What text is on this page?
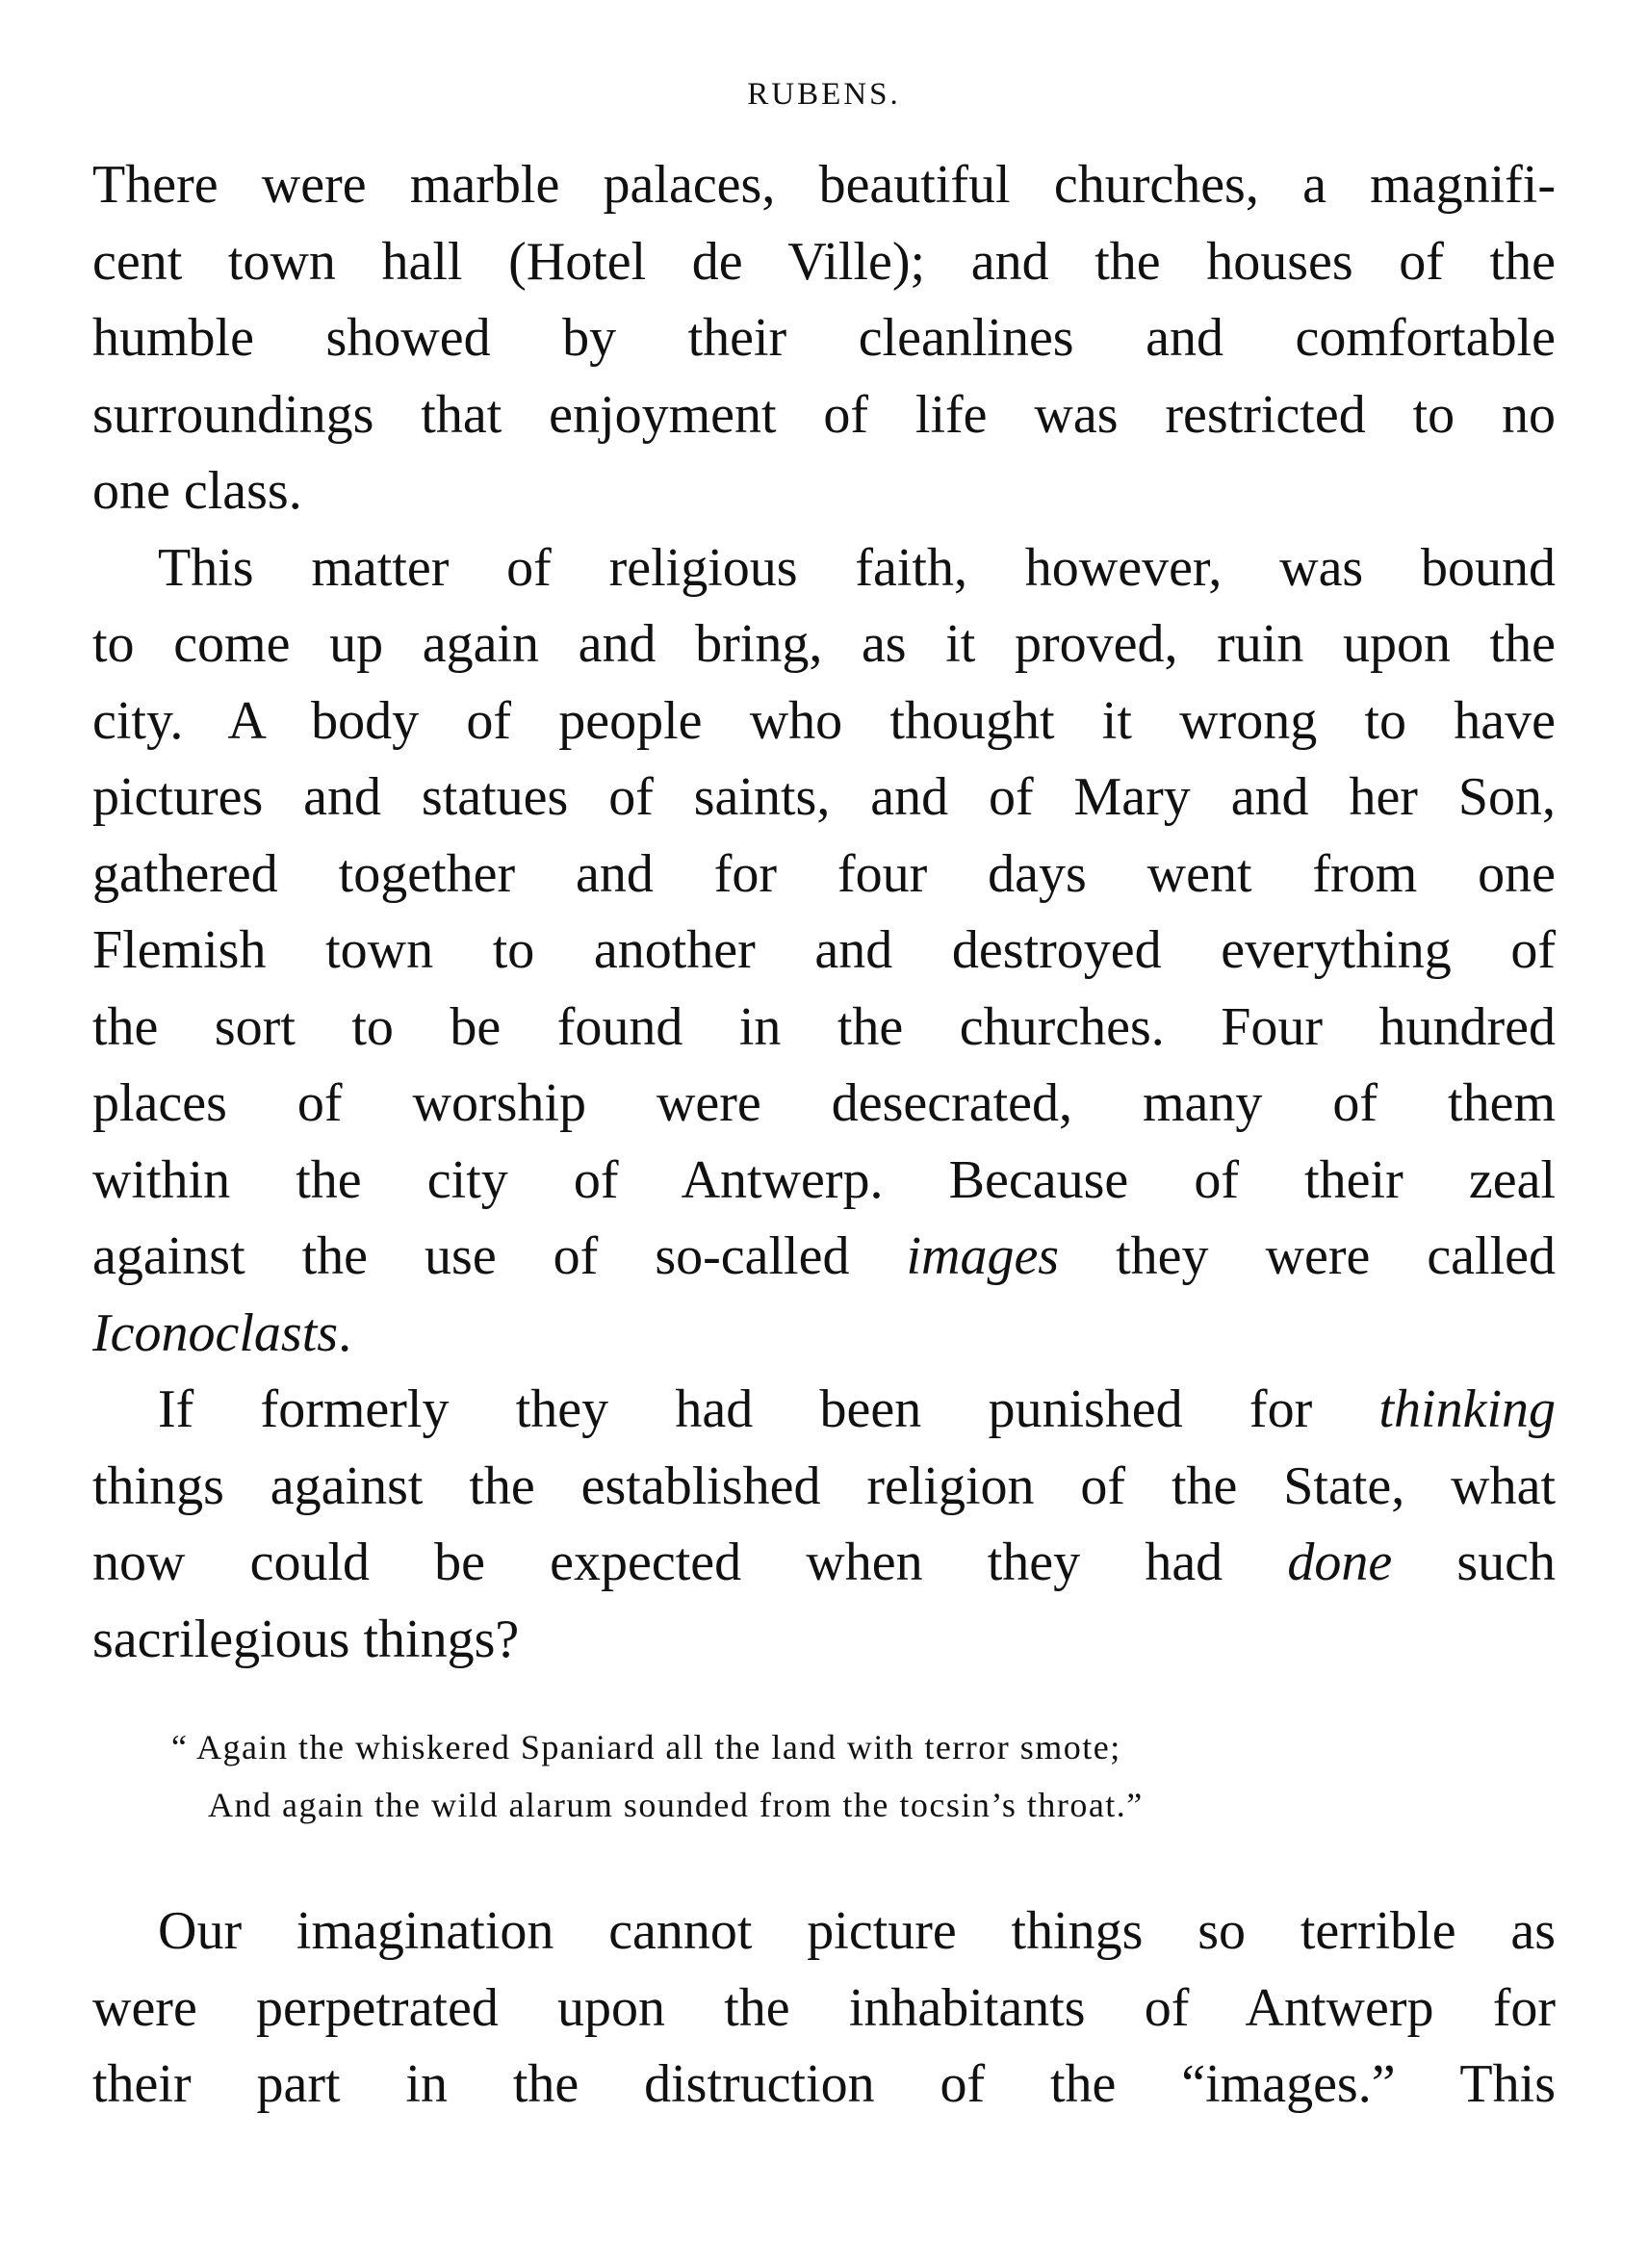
RUBENS.

There were marble palaces, beautiful churches, a magnifi-
cent town hall (Hotel de Ville); and the houses of the
humble showed by their cleanlines and comfortable
surroundings that enjoyment of life was restricted to no
one class.

This matter of religious faith, however, was bound
to come up again and bring, as it proved, ruin upon the
city. A body of people who thought it wrong to have
pictures and statues of saints, and of Mary and her Son,
gathered together and for four days went from one
Flemish town to another and destroyed everything of
the sort to be found in the churches. Four hundred
places of worship were desecrated, many of them
within the city of Antwerp. Because of their zeal
against the use of so-called images they were called
Iconoclasts.

If formerly they had been punished for thinking
things against the established religion of the State, what
now could be expected when they had done such
sacrilegious things?

“ Again the whiskered Spaniard all the land with terror smote;
And again the wild alarum sounded from the tocsin’s throat.”

Our imagination cannot picture things so terrible as
were perpetrated upon the inhabitants of Antwerp for
their part in the distruction of the “images.” This
